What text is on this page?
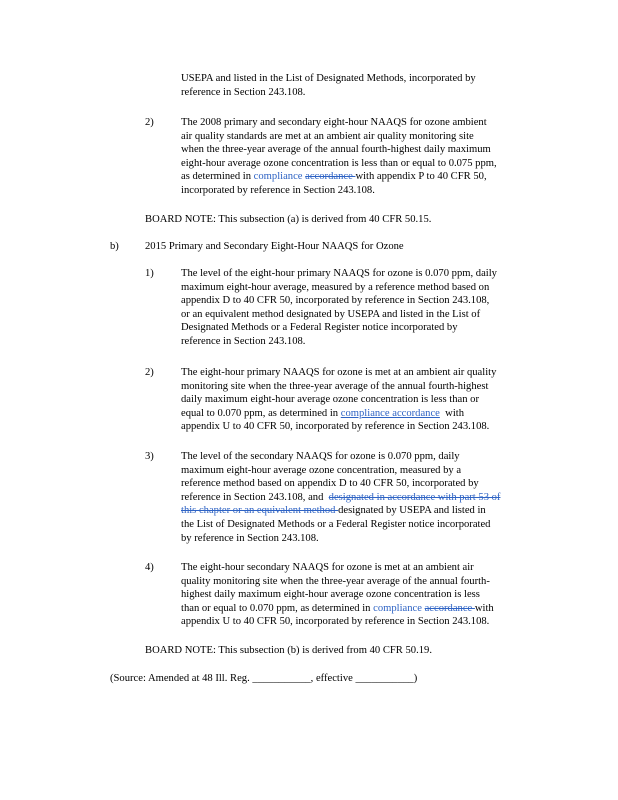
USEPA and listed in the List of Designated Methods, incorporated by
reference in Section 243.108.
2)	The 2008 primary and secondary eight-hour NAAQS for ozone ambient
air quality standards are met at an ambient air quality monitoring site
when the three-year average of the annual fourth-highest daily maximum
eight-hour average ozone concentration is less than or equal to 0.075 ppm,
as determined in compliance accordance with appendix P to 40 CFR 50,
incorporated by reference in Section 243.108.
BOARD NOTE: This subsection (a) is derived from 40 CFR 50.15.
b) 2015 Primary and Secondary Eight-Hour NAAQS for Ozone
1)	The level of the eight-hour primary NAAQS for ozone is 0.070 ppm, daily
maximum eight-hour average, measured by a reference method based on
appendix D to 40 CFR 50, incorporated by reference in Section 243.108,
or an equivalent method designated by USEPA and listed in the List of
Designated Methods or a Federal Register notice incorporated by
reference in Section 243.108.
2)	The eight-hour primary NAAQS for ozone is met at an ambient air quality
monitoring site when the three-year average of the annual fourth-highest
daily maximum eight-hour average ozone concentration is less than or
equal to 0.070 ppm, as determined in compliance accordance  with
appendix U to 40 CFR 50, incorporated by reference in Section 243.108.
3)	The level of the secondary NAAQS for ozone is 0.070 ppm, daily
maximum eight-hour average ozone concentration, measured by a
reference method based on appendix D to 40 CFR 50, incorporated by
reference in Section 243.108, and  designated in accordance with part 53 of
this chapter or an equivalent method designated by USEPA and listed in
the List of Designated Methods or a Federal Register notice incorporated
by reference in Section 243.108.
4)	The eight-hour secondary NAAQS for ozone is met at an ambient air
quality monitoring site when the three-year average of the annual fourth-
highest daily maximum eight-hour average ozone concentration is less
than or equal to 0.070 ppm, as determined in compliance accordance with
appendix U to 40 CFR 50, incorporated by reference in Section 243.108.
BOARD NOTE: This subsection (b) is derived from 40 CFR 50.19.
(Source: Amended at 48 Ill. Reg. ___________, effective ___________)
